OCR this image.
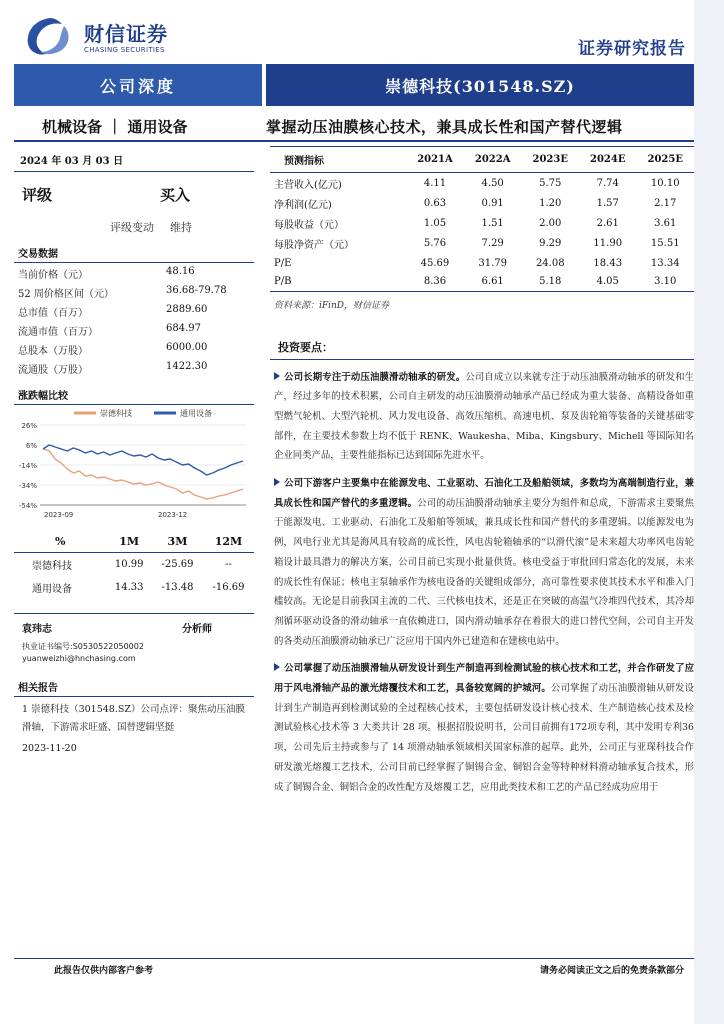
财信证券
CHASING SECURITIES	证券研究报告
公司深度	崇德科技(301548.SZ)
机械设备 ｜ 通用设备	掌握动压油膜核心技术，兼具成长性和国产替代逻辑
2024 年 03 月 03 日
评级	买入
评级变动 维持
交易数据
当前价格（元）	48.16
52 周价格区间（元）	36.68-79.78
总市值（百万）	2889.60
流通市值（百万）	684.97
总股本（万股）	6000.00
流通股（万股）	1422.30
涨跌幅比较
崇德科技	通用设备
26%
6%
-14%
-34%
-54%
2023-09	2023-12
%	1M	3M	12M
崇德科技	10.99	-25.69	--
通用设备	14.33	-13.48	-16.69
袁玮志	分析师
执业证书编号:S0530522050002
yuanweizhi@hnchasing.com
相关报告
1 崇德科技（301548.SZ）公司点评：聚焦动压油膜滑轴，下游需求旺盛、国替逻辑坚挺
2023-11-20
预测指标	2021A	2022A	2023E	2024E	2025E
主营收入(亿元)	4.11	4.50	5.75	7.74	10.10
净利润(亿元)	0.63	0.91	1.20	1.57	2.17
每股收益（元）	1.05	1.51	2.00	2.61	3.61
每股净资产（元）	5.76	7.29	9.29	11.90	15.51
P/E	45.69	31.79	24.08	18.43	13.34
P/B	8.36	6.61	5.18	4.05	3.10
资料来源：iFinD，财信证券
投资要点：

公司长期专注于动压油膜滑动轴承的研发。公司自成立以来就专注于动压油膜滑动轴承的研发和生产，经过多年的技术积累，公司自主研发的动压油膜滑动轴承产品已经成为重大装备、高精设备如重型燃气轮机、大型汽轮机、风力发电设备、高效压缩机、高速电机、泵及齿轮箱等装备的关键基础零部件，在主要技术参数上均不低于 RENK、Waukesha、Miba、Kingsbury、Michell 等国际知名企业同类产品，主要性能指标已达到国际先进水平。

公司下游客户主要集中在能源发电、工业驱动、石油化工及船舶领域，多数均为高端制造行业，兼具成长性和国产替代的多重逻辑。公司的动压油膜滑动轴承主要分为组件和总成，下游需求主要聚焦于能源发电、工业驱动、石油化工及船舶等领域，兼具成长性和国产替代的多重逻辑。以能源发电为例，风电行业尤其是海风具有较高的成长性，风电齿轮箱轴承的“以滑代滚”是未来超大功率风电齿轮箱设计最具潜力的解决方案，公司目前已实现小批量供货。核电受益于审批回归常态化的发展，未来的成长性有保证；核电主泵轴承作为核电设备的关键组成部分，高可靠性要求使其技术水平和准入门槛较高。无论是目前我国主流的二代、三代核电技术，还是正在突破的高温气冷堆四代技术，其冷却剂循环驱动设备的滑动轴承一直依赖进口，国内滑动轴承存在着很大的进口替代空间，公司自主开发的各类动压油膜滑动轴承已广泛应用于国内外已建造和在建核电站中。

公司掌握了动压油膜滑轴从研发设计到生产制造再到检测试验的核心技术和工艺，并合作研发了应用于风电滑轴产品的激光熔覆技术和工艺，具备较宽阔的护城河。公司掌握了动压油膜滑轴从研发设计到生产制造再到检测试验的全过程核心技术，主要包括研发设计核心技术、生产制造核心技术及检测试验核心技术等 3 大类共计 28 项。根据招股说明书，公司目前拥有172项专利，其中发明专利36项，公司先后主持或参与了 14 项滑动轴承领域相关国家标准的起草。此外，公司正与亚琛科技合作研发激光熔覆工艺技术，公司目前已经掌握了铜锡合金、铜铝合金等特种材料滑动轴承复合技术，形成了铜锡合金、铜铝合金的改性配方及熔覆工艺，应用此类技术和工艺的产品已经成功应用于

此报告仅供内部客户参考	请务必阅读正文之后的免责条款部分
